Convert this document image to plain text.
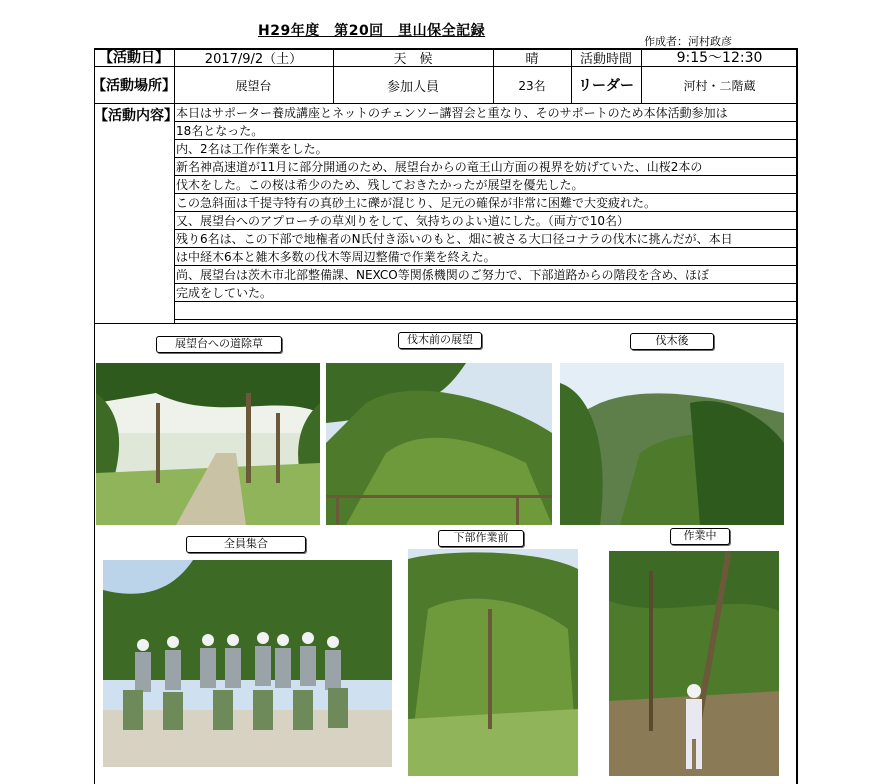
H29年度　第20回　里山保全記録
作成者：河村政彦
【活動日】	2017/9/2（土）	天　候	晴	活動時間	9:15～12:30
【活動場所】	展望台	参加人員	23名	リーダー	河村・二階蔵
【活動内容】
本日はサポーター養成講座とネットのチェンソー講習会と重なり、そのサポートのため本体活動参加は
18名となった。
内、2名は工作作業をした。
新名神高速道が11月に部分開通のため、展望台からの竜王山方面の視界を妨げていた、山桜2本の
伐木をした。この桜は希少のため、残しておきたかったが展望を優先した。
この急斜面は千提寺特有の真砂土に礫が混じり、足元の確保が非常に困難で大変疲れた。
又、展望台へのアプローチの草刈りをして、気持ちのよい道にした。（両方で10名）
残り6名は、この下部で地権者のN氏付き添いのもと、畑に被さる大口径コナラの伐木に挑んだが、本日
は中経木6本と雑木多数の伐木等周辺整備で作業を終えた。
尚、展望台は茨木市北部整備課、NEXCO等関係機関のご努力で、下部道路からの階段を含め、ほぼ
完成をしていた。
展望台への道除草	伐木前の展望	伐木後
全員集合	下部作業前	作業中
